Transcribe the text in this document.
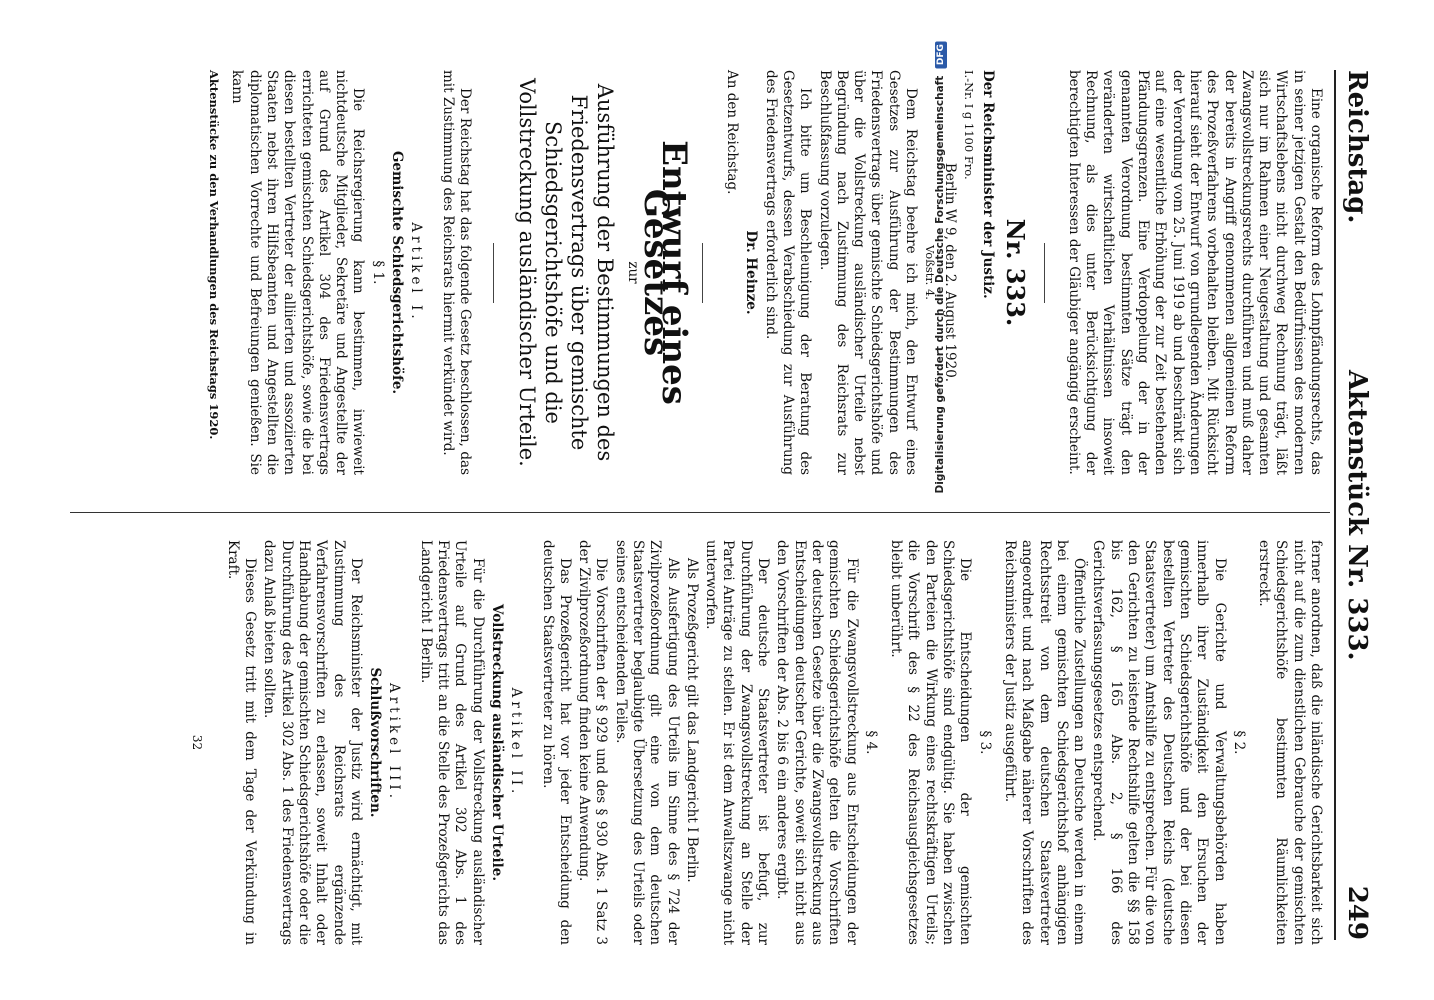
Reichstag.
Aktenstück Nr. 333.
249

Eine organische Reform des Lohnpfändungsrechts, das in seiner jetzigen Gestalt den Bedürfnissen des modernen Wirtschaftslebens nicht durchweg Rechnung trägt, läßt sich nur im Rahmen einer Neugestaltung und gesamten Zwangsvollstreckungsrechts durchführen und muß daher der bereits in Angriff genommenen allgemeinen Reform des Prozeßverfahrens vorbehalten bleiben. Mit Rücksicht hierauf sieht der Entwurf von grundlegenden Änderungen der Verordnung vom 25. Juni 1919 ab und beschränkt sich auf eine wesentliche Erhöhung der zur Zeit bestehenden Pfändungsgrenzen. Eine Verdoppelung der in der genannten Verordnung bestimmten Sätze trägt den veränderten wirtschaftlichen Verhältnissen insoweit Rechnung, als dies unter Berücksichtigung der berechtigten Interessen der Gläubiger angängig erscheint.

Nr. 333.

Der Reichsminister der Justiz.

I.-Nr. I g 1100 Fro.

Berlin W 9, den 2. August 1920.

Voßstr. 4.

Dem Reichstag beehre ich mich, den Entwurf eines Gesetzes zur Ausführung der Bestimmungen des Friedensvertrags über gemischte Schiedsgerichtshöfe und über die Vollstreckung ausländischer Urteile nebst Begründung nach Zustimmung des Reichsrats zur Beschlußfassung vorzulegen.

Ich bitte um Beschleunigung der Beratung des Gesetzentwurfs, dessen Verabschiedung zur Ausführung des Friedensvertrags erforderlich sind.

Dr. Heinze.

An den Reichstag.

Entwurf eines Gesetzes

zur

Ausführung der Bestimmungen des Friedensvertrags über gemischte Schiedsgerichtshöfe und die Vollstreckung ausländischer Urteile.

Der Reichstag hat das folgende Gesetz beschlossen, das mit Zustimmung des Reichsrats hiermit verkündet wird.

Artikel I.

Gemischte Schiedsgerichtshöfe.

§ 1.

Die Reichsregierung kann bestimmen, inwieweit nichtdeutsche Mitglieder, Sekretäre und Angestellte der auf Grund des Artikel 304 des Friedensvertrags errichteten gemischten Schiedsgerichtshöfe, sowie die bei diesen bestellten Vertreter der alliierten und assoziierten Staaten nebst ihren Hilfsbeamten und Angestellten die diplomatischen Vorrechte und Befreiungen genießen. Sie kann

Aktenstücke zu den Verhandlungen des Reichstags 1920.

ferner anordnen, daß die inländische Gerichtsbarkeit sich nicht auf die zum dienstlichen Gebrauche der gemischten Schiedsgerichtshöfe bestimmten Räumlichkeiten erstreckt.

§ 2.

Die Gerichte und Verwaltungsbehörden haben innerhalb ihrer Zuständigkeit den Ersuchen der gemischten Schiedsgerichtshöfe und der bei diesen bestellten Vertreter des Deutschen Reichs (deutsche Staatsvertreter) um Amtshilfe zu entsprechen. Für die von den Gerichten zu leistende Rechtshilfe gelten die §§ 158 bis 162, § 165 Abs. 2, § 166 des Gerichtsverfassungsgesetzes entsprechend.

Öffentliche Zustellungen an Deutsche werden in einem bei einem gemischten Schiedsgerichtshof anhängigen Rechtsstreit von dem deutschen Staatsvertreter angeordnet und nach Maßgabe näherer Vorschriften des Reichsministers der Justiz ausgeführt.

§ 3.

Die Entscheidungen der gemischten Schiedsgerichtshöfe sind endgültig. Sie haben zwischen den Parteien die Wirkung eines rechtskräftigen Urteils; die Vorschrift des § 22 des Reichsausgleichsgesetzes bleibt unberührt.

§ 4.

Für die Zwangsvollstreckung aus Entscheidungen der gemischten Schiedsgerichtshöfe gelten die Vorschriften der deutschen Gesetze über die Zwangsvollstreckung aus Entscheidungen deutscher Gerichte, soweit sich nicht aus den Vorschriften der Abs. 2 bis 6 ein anderes ergibt.

Der deutsche Staatsvertreter ist befugt, zur Durchführung der Zwangsvollstreckung an Stelle der Partei Anträge zu stellen. Er ist dem Anwaltszwange nicht unterworfen.

Als Prozeßgericht gilt das Landgericht I Berlin.

Als Ausfertigung des Urteils im Sinne des § 724 der Zivilprozeßordnung gilt eine von dem deutschen Staatsvertreter beglaubigte Übersetzung des Urteils oder seines entscheidenden Teiles.

Die Vorschriften der § 929 und des § 930 Abs. 1 Satz 3 der Zivilprozeßordnung finden keine Anwendung.

Das Prozeßgericht hat vor jeder Entscheidung den deutschen Staatsvertreter zu hören.

Artikel II.

Vollstreckung ausländischer Urteile.

Für die Durchführung der Vollstreckung ausländischer Urteile auf Grund des Artikel 302 Abs. 1 des Friedensvertrags tritt an die Stelle des Prozeßgerichts das Landgericht I Berlin.

Artikel III.

Schlußvorschriften.

Der Reichsminister der Justiz wird ermächtigt, mit Zustimmung des Reichsrats ergänzende Verfahrensvorschriften zu erlassen, soweit Inhalt oder Handhabung der gemischten Schiedsgerichtshöfe oder die Durchführung des Artikel 302 Abs. 1 des Friedensvertrags dazu Anlaß bieten sollten.

Dieses Gesetz tritt mit dem Tage der Verkündung in Kraft.

32

Digitalisierung gefördert durch die Deutsche Forschungsgemeinschaft DFG
